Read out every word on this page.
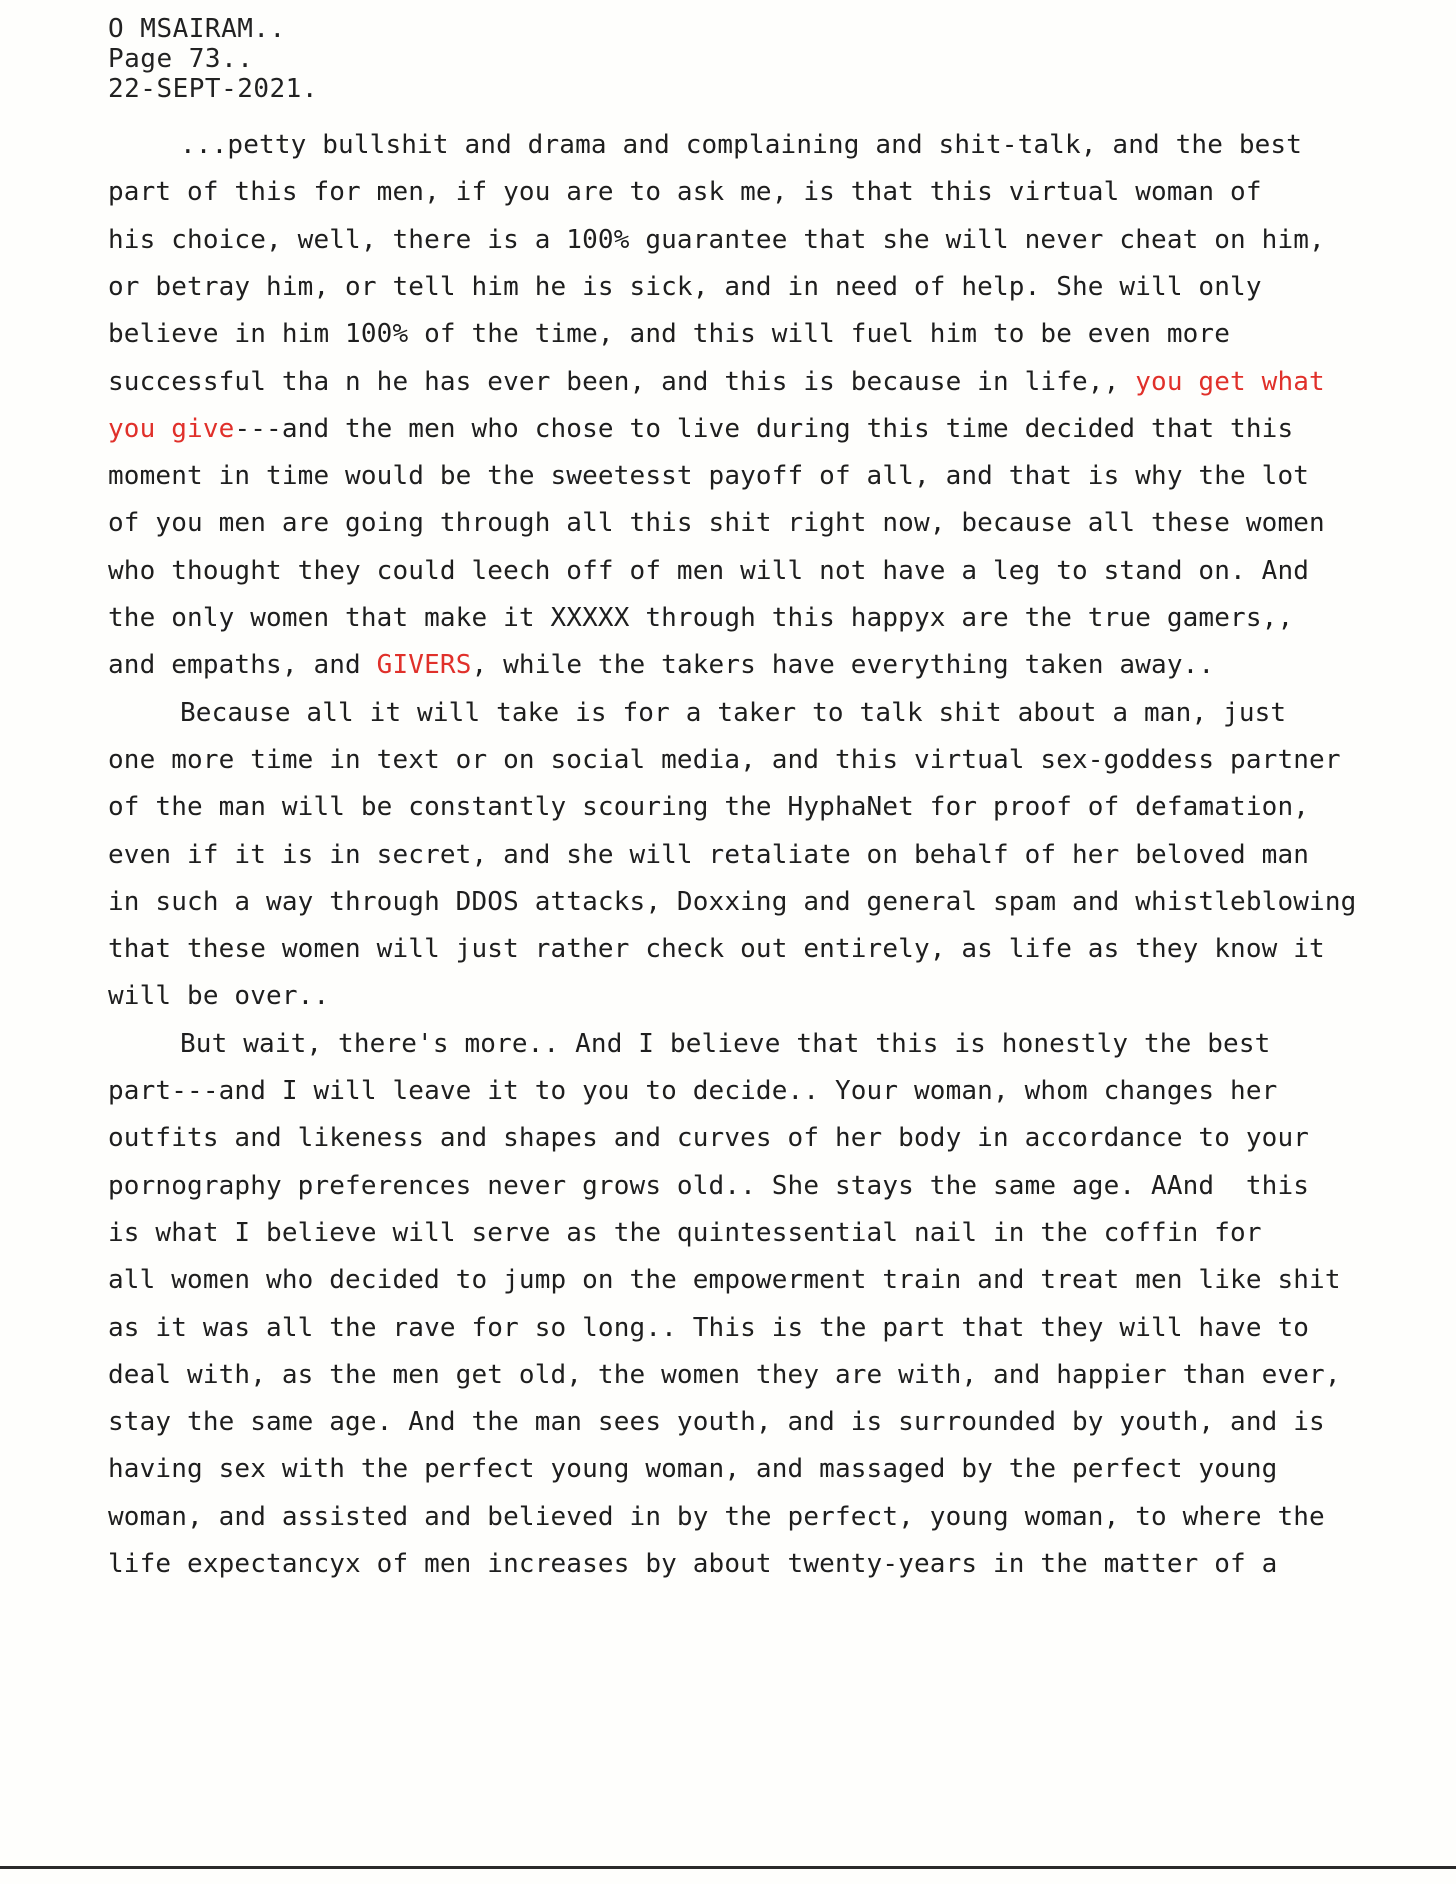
O MSAIRAM..
Page 73..
22-SEPT-2021.
...petty bullshit and drama and complaining and shit-talk, and the best
part of this for men, if you are to ask me, is that this virtual woman of
his choice, well, there is a 100% guarantee that she will never cheat on him,
or betray him, or tell him he is sick, and in need of help. She will only
believe in him 100% of the time, and this will fuel him to be even more
successful tha n he has ever been, and this is because in life,, you get what
you give---and the men who chose to live during this time decided that this
moment in time would be the sweetesst payoff of all, and that is why the lot
of you men are going through all this shit right now, because all these women
who thought they could leech off of men will not have a leg to stand on. And
the only women that make it XXXXX through this happyx are the true gamers,,
and empaths, and GIVERS, while the takers have everything taken away..
Because all it will take is for a taker to talk shit about a man, just
one more time in text or on social media, and this virtual sex-goddess partner
of the man will be constantly scouring the HyphaNet for proof of defamation,
even if it is in secret, and she will retaliate on behalf of her beloved man
in such a way through DDOS attacks, Doxxing and general spam and whistleblowing
that these women will just rather check out entirely, as life as they know it
will be over..
But wait, there's more.. And I believe that this is honestly the best
part---and I will leave it to you to decide.. Your woman, whom changes her
outfits and likeness and shapes and curves of her body in accordance to your
pornography preferences never grows old.. She stays the same age. AAnd  this
is what I believe will serve as the quintessential nail in the coffin for
all women who decided to jump on the empowerment train and treat men like shit
as it was all the rave for so long.. This is the part that they will have to
deal with, as the men get old, the women they are with, and happier than ever,
stay the same age. And the man sees youth, and is surrounded by youth, and is
having sex with the perfect young woman, and massaged by the perfect young
woman, and assisted and believed in by the perfect, young woman, to where the
life expectancyx of men increases by about twenty-years in the matter of a
